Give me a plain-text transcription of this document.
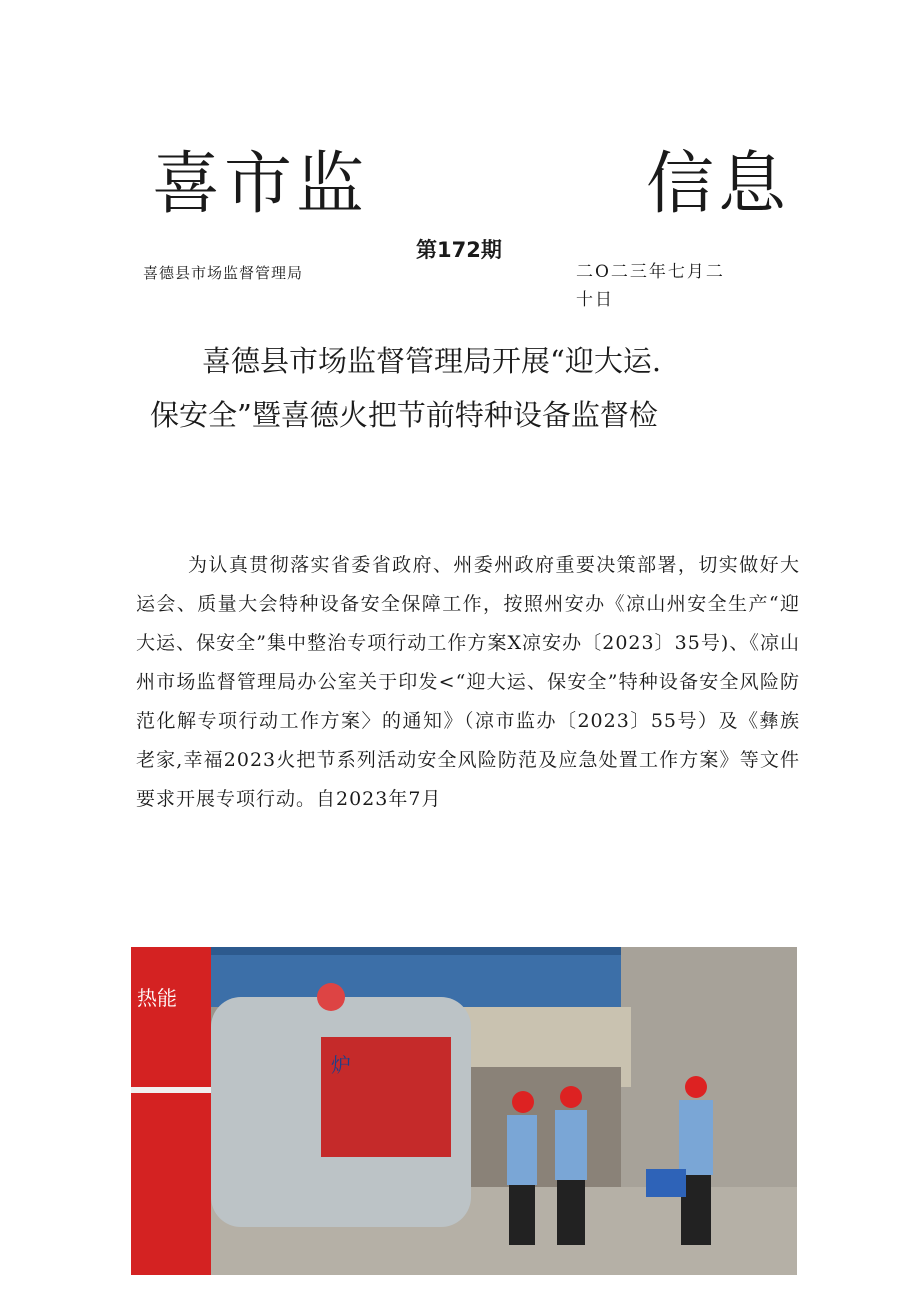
喜市监	信息
第172期
喜德县市场监督管理局	二O二三年七月二
十日
喜德县市场监督管理局开展“迎大运.
保安全”暨喜德火把节前特种设备监督检

为认真贯彻落实省委省政府、州委州政府重要决策部署，切实做好大运会、质量大会特种设备安全保障工作，按照州安办《凉山州安全生产“迎大运、保安全”集中整治专项行动工作方案X凉安办〔2023〕35号)、《凉山州市场监督管理局办公室关于印发<“迎大运、保安全”特种设备安全风险防范化解专项行动工作方案〉的通知》（凉市监办〔2023〕55号）及《彝族老家,幸福2023火把节系列活动安全风险防范及应急处置工作方案》等文件要求开展专项行动。自2023年7月

热能
炉
